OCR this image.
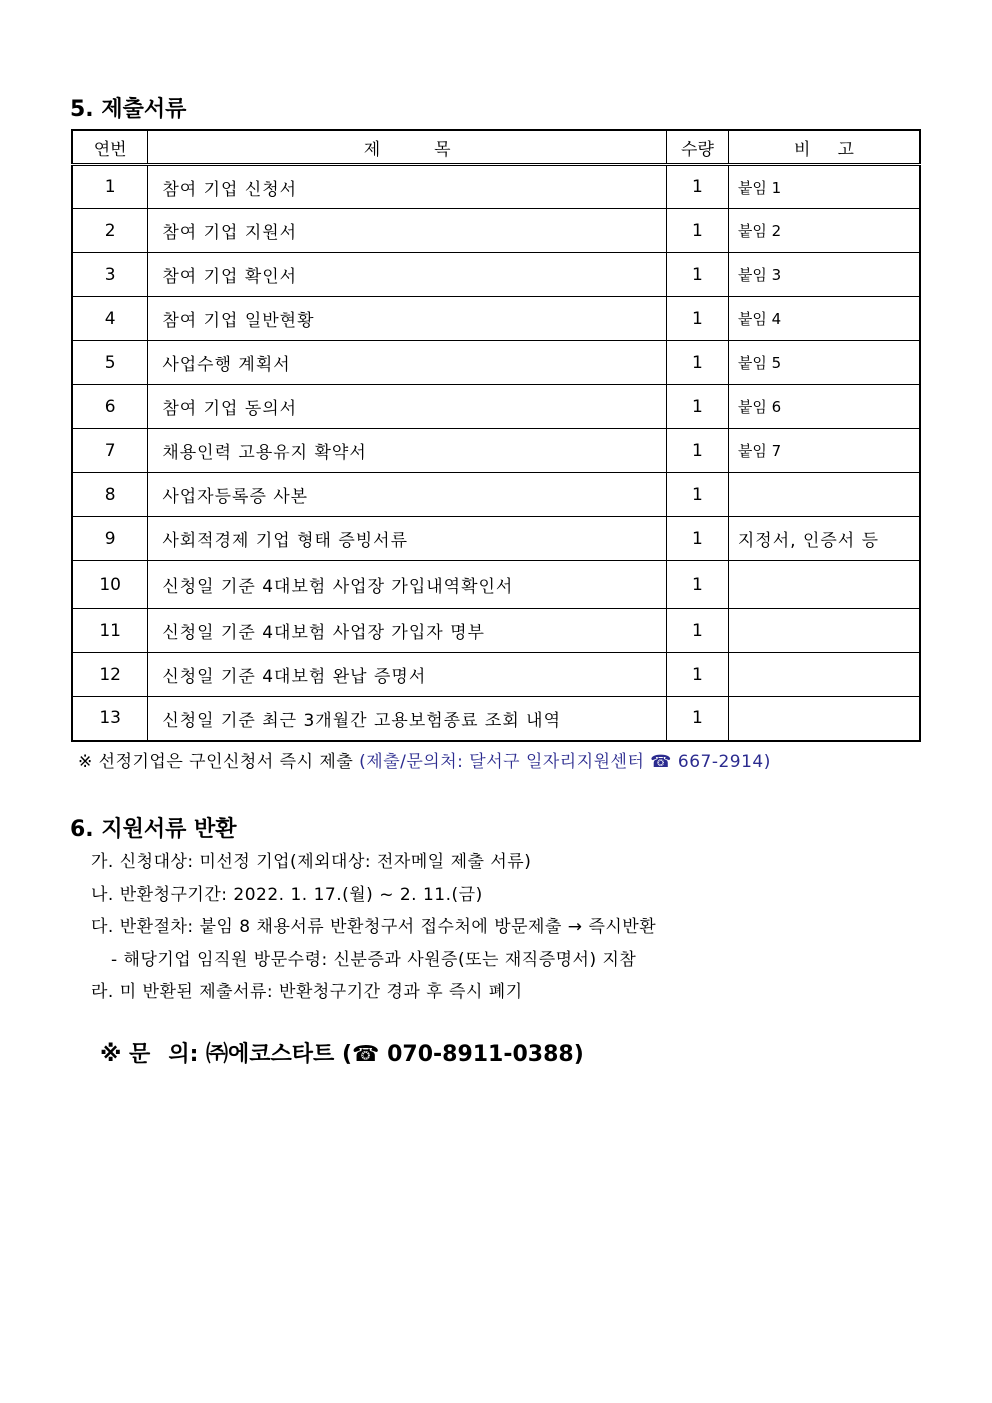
5. 제출서류
연번	제          목	수량	비     고
1	참여 기업 신청서	1	붙임 1
2	참여 기업 지원서	1	붙임 2
3	참여 기업 확인서	1	붙임 3
4	참여 기업 일반현황	1	붙임 4
5	사업수행 계획서	1	붙임 5
6	참여 기업 동의서	1	붙임 6
7	채용인력 고용유지 확약서	1	붙임 7
8	사업자등록증 사본	1	
9	사회적경제 기업 형태 증빙서류	1	지정서, 인증서 등
10	신청일 기준 4대보험 사업장 가입내역확인서	1	
11	신청일 기준 4대보험 사업장 가입자 명부	1	
12	신청일 기준 4대보험 완납 증명서	1	
13	신청일 기준 최근 3개월간 고용보험종료 조회 내역	1	
※ 선정기업은 구인신청서 즉시 제출 (제출/문의처: 달서구 일자리지원센터 ☎ 667-2914)
6. 지원서류 반환
가. 신청대상: 미선정 기업(제외대상: 전자메일 제출 서류)
나. 반환청구기간: 2022. 1. 17.(월) ~ 2. 11.(금)
다. 반환절차: 붙임 8 채용서류 반환청구서 접수처에 방문제출 → 즉시반환
- 해당기업 임직원 방문수령: 신분증과 사원증(또는 재직증명서) 지참
라. 미 반환된 제출서류: 반환청구기간 경과 후 즉시 폐기
※ 문 의: ㈜에코스타트 (☎ 070-8911-0388)
